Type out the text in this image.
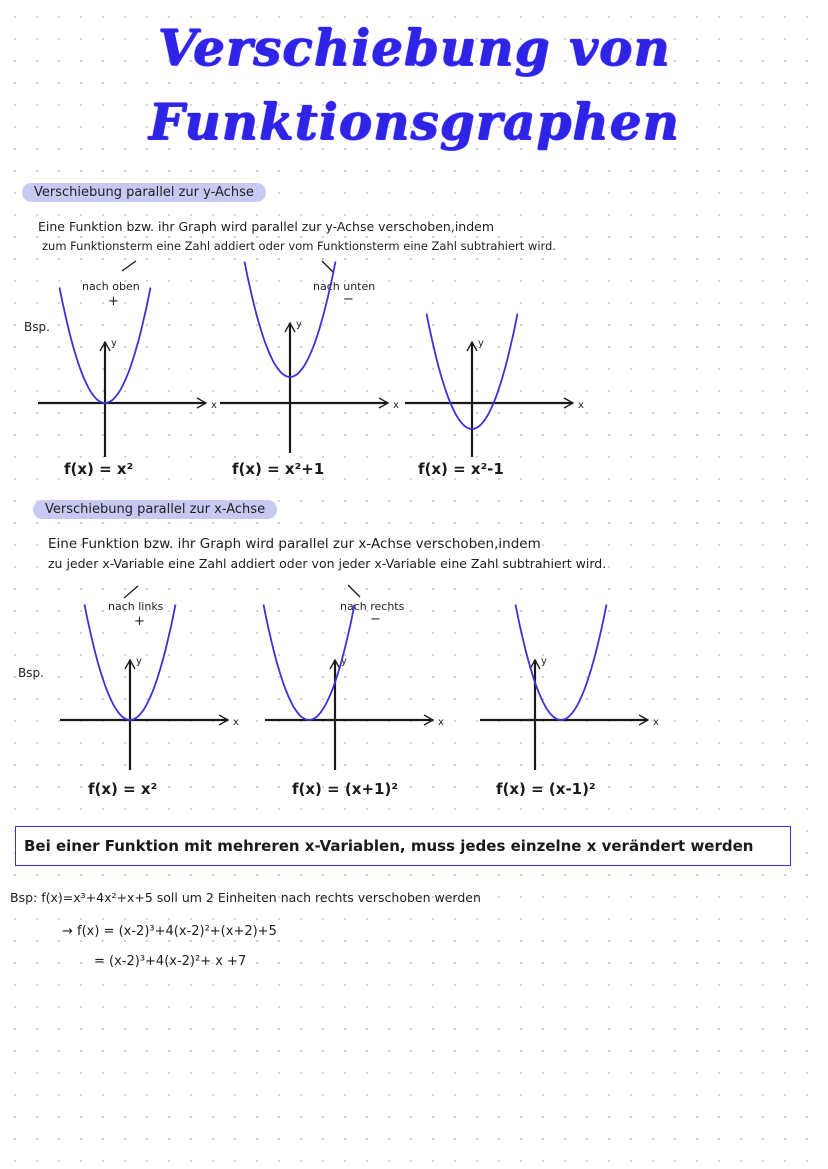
Verschiebung von
Funktionsgraphen
Verschiebung parallel zur y-Achse
Eine Funktion bzw. ihr Graph wird parallel zur y-Achse verschoben,indem
zum Funktionsterm eine Zahl addiert oder vom Funktionsterm eine Zahl subtrahiert wird.
nach oben
+
nach unten
−
Bsp.
x
y
x
y
x
y
f(x) = x²	f(x) = x²+1	f(x) = x²-1
Verschiebung parallel zur x-Achse
Eine Funktion bzw. ihr Graph wird parallel zur x-Achse verschoben,indem
zu jeder x-Variable eine Zahl addiert oder von jeder x-Variable eine Zahl subtrahiert wird.
nach links
+
nach rechts
−
Bsp.
x
y
x
y
x
y
f(x) = x²	f(x) = (x+1)²	f(x) = (x-1)²
Bei einer Funktion mit mehreren x-Variablen, muss jedes einzelne x verändert werden
Bsp: f(x)=x³+4x²+x+5 soll um 2 Einheiten nach rechts verschoben werden
→ f(x) = (x-2)³+4(x-2)²+(x+2)+5
= (x-2)³+4(x-2)²+ x +7
